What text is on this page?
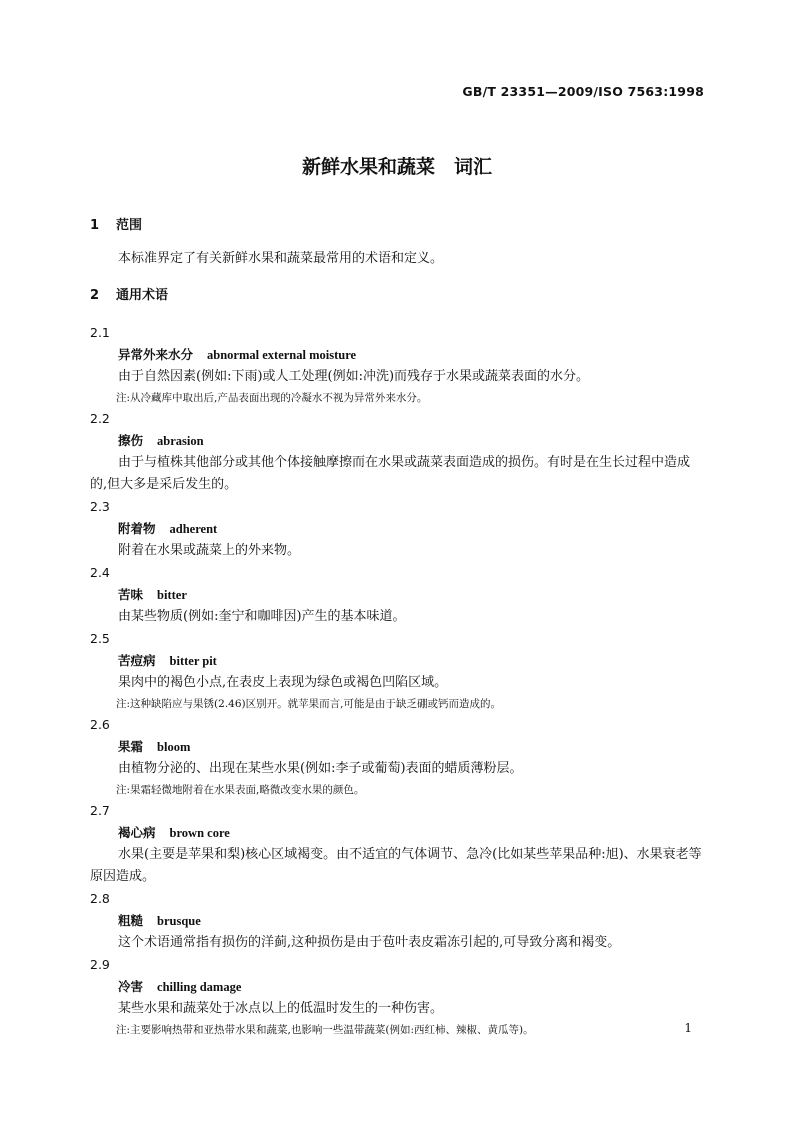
GB/T 23351—2009/ISO 7563:1998
新鲜水果和蔬菜　词汇

1 范围

本标准界定了有关新鲜水果和蔬菜最常用的术语和定义。

2 通用术语

2.1

异常外来水分 abnormal external moisture

由于自然因素(例如:下雨)或人工处理(例如:冲洗)而残存于水果或蔬菜表面的水分。

注:从冷藏库中取出后,产品表面出现的冷凝水不视为异常外来水分。

2.2

擦伤 abrasion

由于与植株其他部分或其他个体接触摩擦而在水果或蔬菜表面造成的损伤。有时是在生长过程中造成的,但大多是采后发生的。

2.3

附着物 adherent

附着在水果或蔬菜上的外来物。

2.4

苦味 bitter

由某些物质(例如:奎宁和咖啡因)产生的基本味道。

2.5

苦痘病 bitter pit

果肉中的褐色小点,在表皮上表现为绿色或褐色凹陷区域。

注:这种缺陷应与果锈(2.46)区别开。就苹果而言,可能是由于缺乏硼或钙而造成的。

2.6

果霜 bloom

由植物分泌的、出现在某些水果(例如:李子或葡萄)表面的蜡质薄粉层。

注:果霜轻微地附着在水果表面,略微改变水果的颜色。

2.7

褐心病 brown core

水果(主要是苹果和梨)核心区域褐变。由不适宜的气体调节、急冷(比如某些苹果品种:旭)、水果衰老等原因造成。

2.8

粗糙 brusque

这个术语通常指有损伤的洋蓟,这种损伤是由于苞叶表皮霜冻引起的,可导致分离和褐变。

2.9

冷害 chilling damage

某些水果和蔬菜处于冰点以上的低温时发生的一种伤害。

注:主要影响热带和亚热带水果和蔬菜,也影响一些温带蔬菜(例如:西红柿、辣椒、黄瓜等)。	1
